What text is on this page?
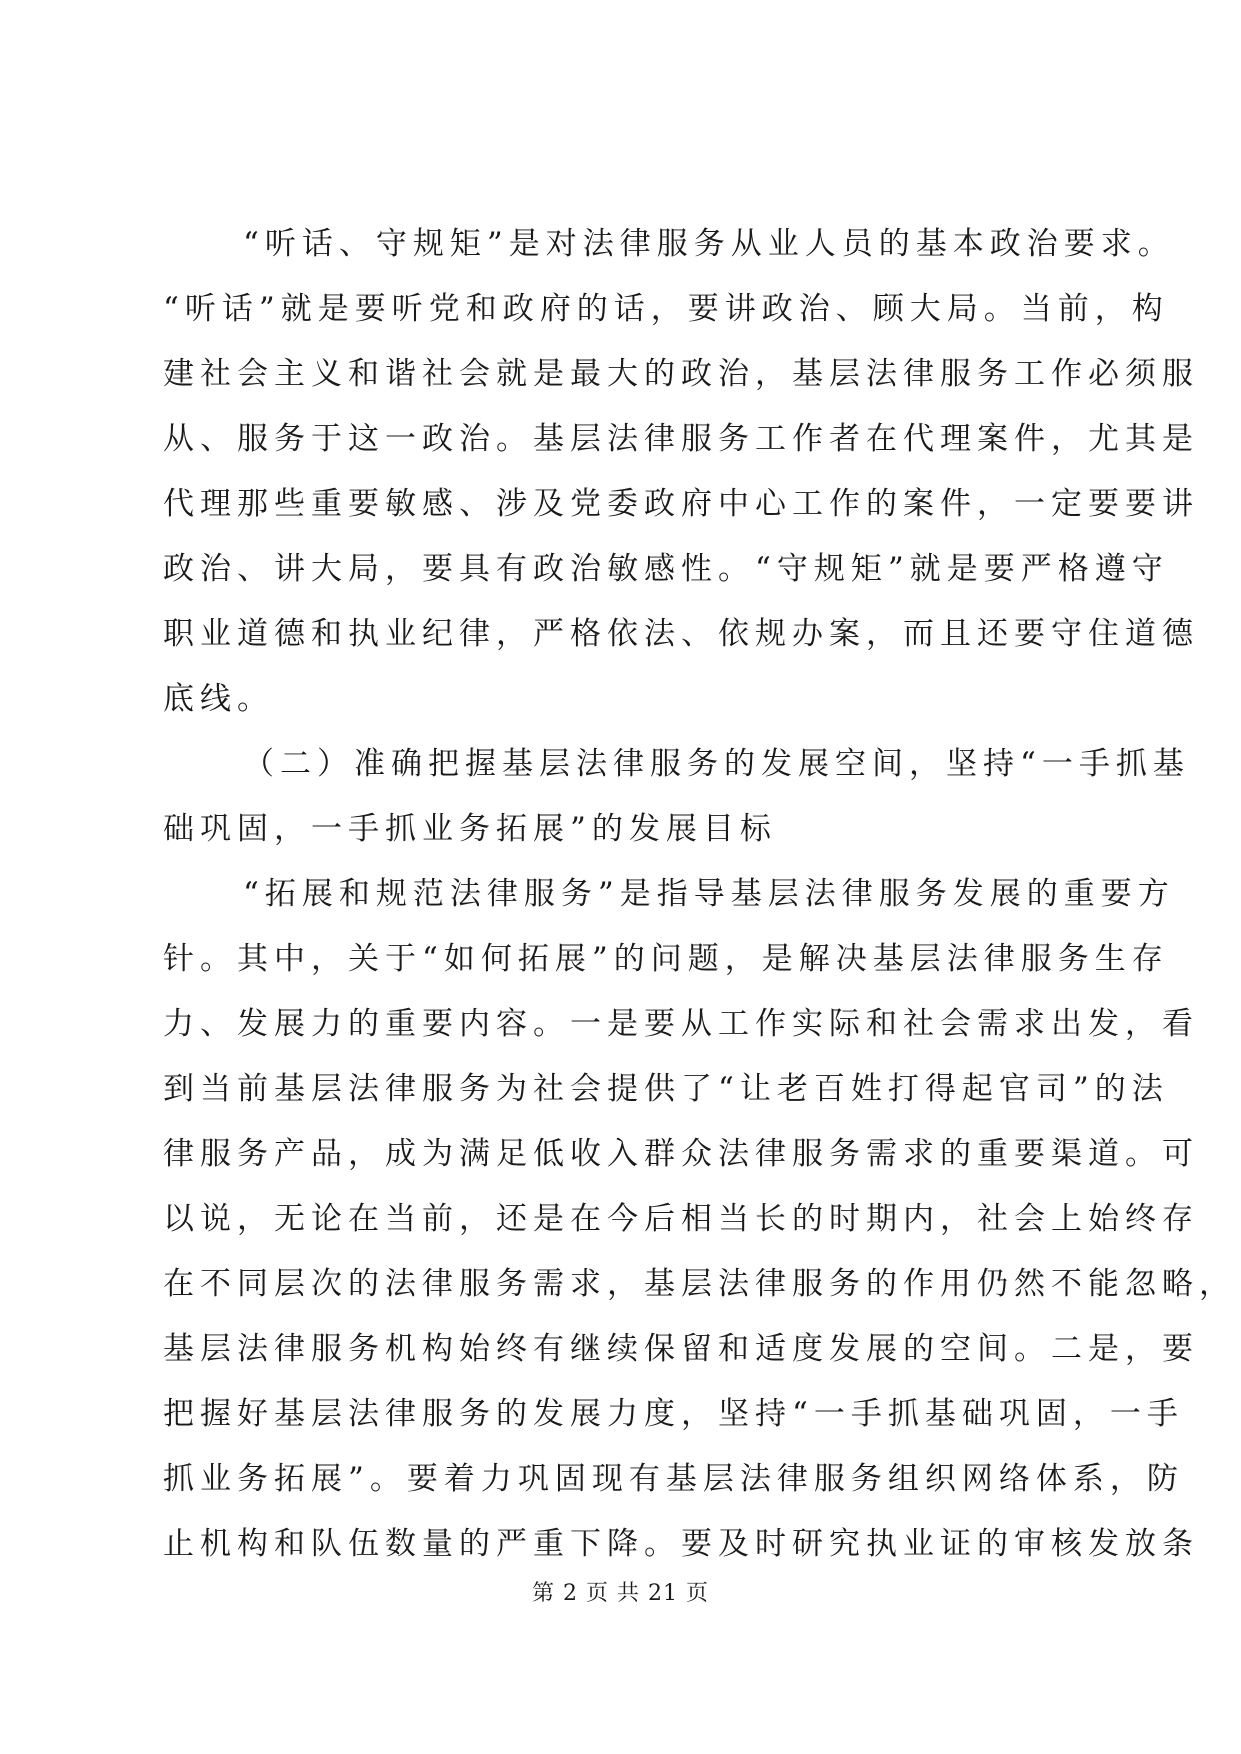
“听话、守规矩”是对法律服务从业人员的基本政治要求。
“听话”就是要听党和政府的话，要讲政治、顾大局。当前，构
建社会主义和谐社会就是最大的政治，基层法律服务工作必须服
从、服务于这一政治。基层法律服务工作者在代理案件，尤其是
代理那些重要敏感、涉及党委政府中心工作的案件，一定要要讲
政治、讲大局，要具有政治敏感性。“守规矩”就是要严格遵守
职业道德和执业纪律，严格依法、依规办案，而且还要守住道德
底线。
（二）准确把握基层法律服务的发展空间，坚持“一手抓基
础巩固，一手抓业务拓展”的发展目标
“拓展和规范法律服务”是指导基层法律服务发展的重要方
针。其中，关于“如何拓展”的问题，是解决基层法律服务生存
力、发展力的重要内容。一是要从工作实际和社会需求出发，看
到当前基层法律服务为社会提供了“让老百姓打得起官司”的法
律服务产品，成为满足低收入群众法律服务需求的重要渠道。可
以说，无论在当前，还是在今后相当长的时期内，社会上始终存
在不同层次的法律服务需求，基层法律服务的作用仍然不能忽略，
基层法律服务机构始终有继续保留和适度发展的空间。二是，要
把握好基层法律服务的发展力度，坚持“一手抓基础巩固，一手
抓业务拓展”。要着力巩固现有基层法律服务组织网络体系，防
止机构和队伍数量的严重下降。要及时研究执业证的审核发放条
第 2 页 共 21 页
